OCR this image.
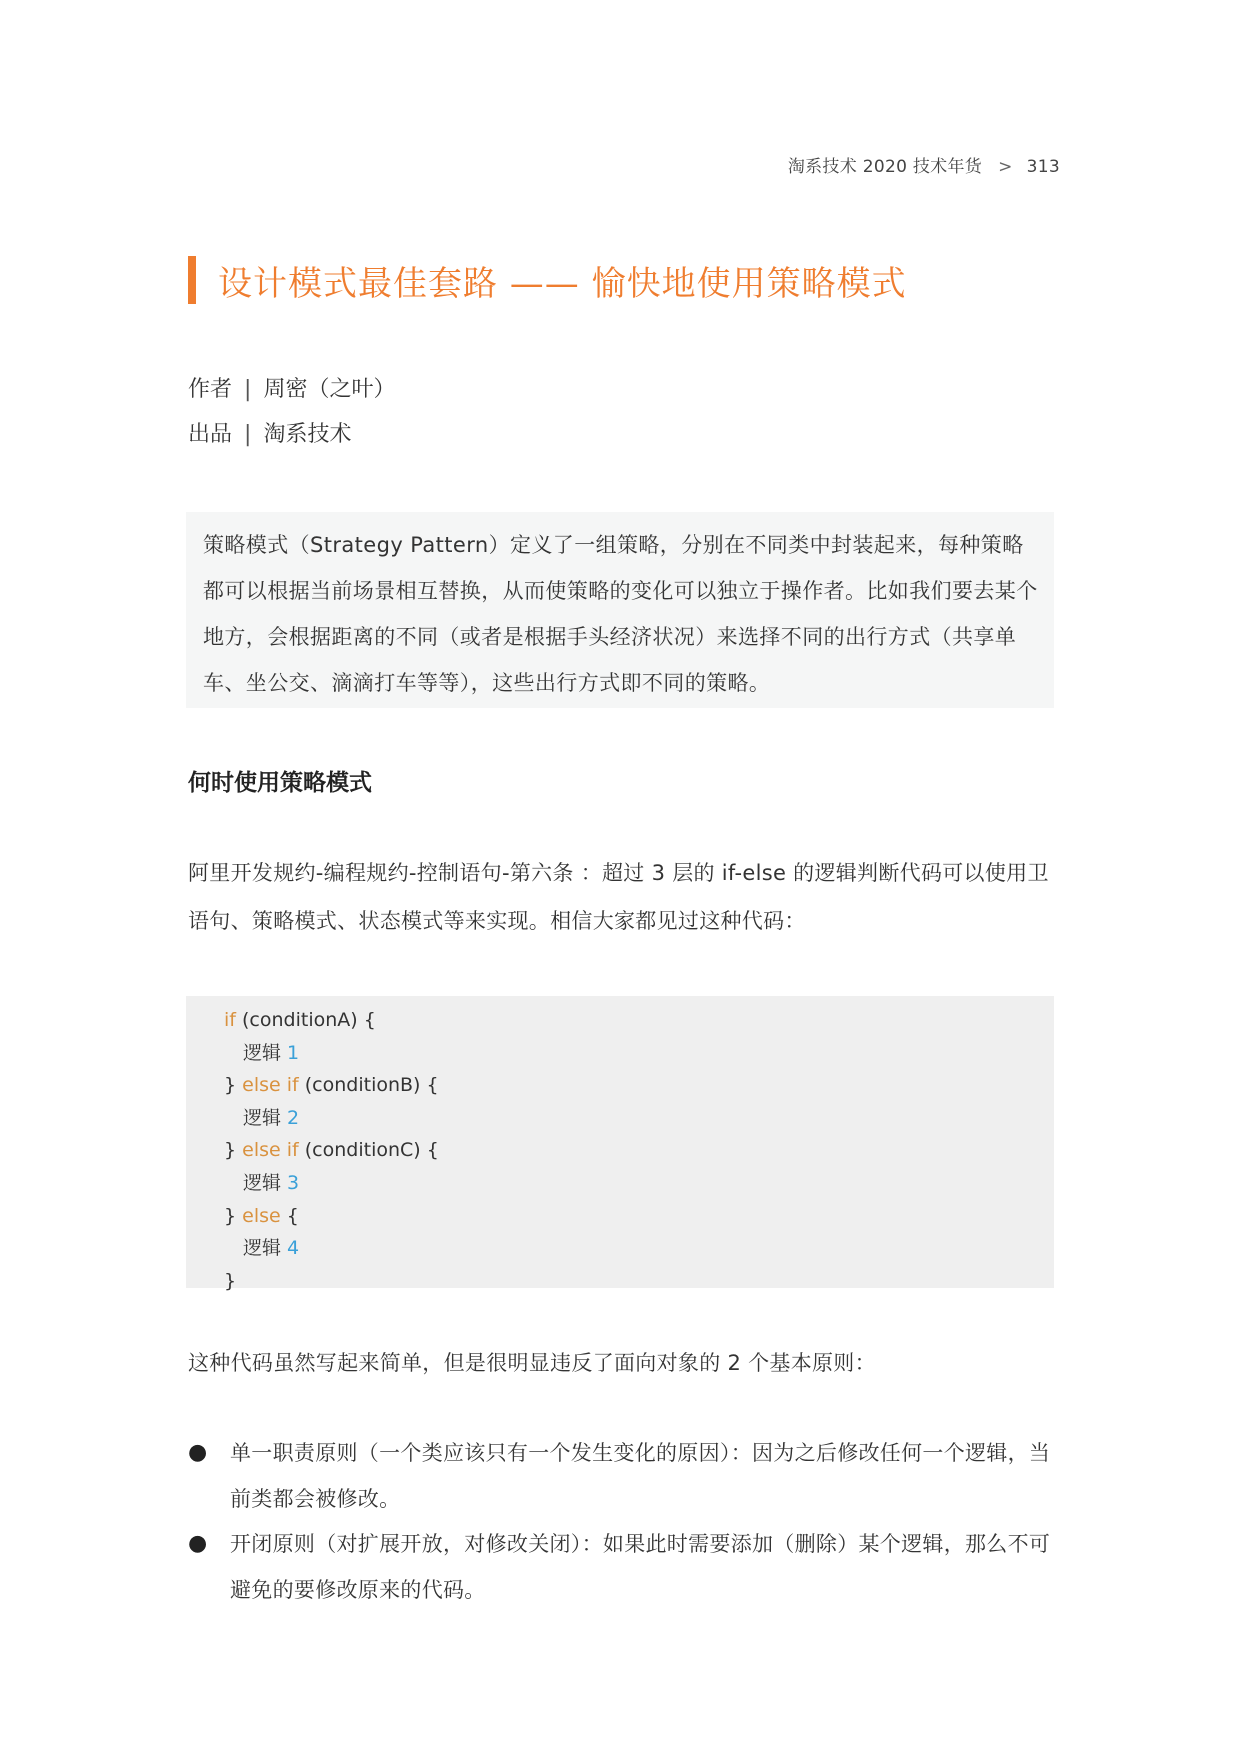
淘系技术 2020 技术年货 > 313
设计模式最佳套路 —— 愉快地使用策略模式
作者 | 周密（之叶）
出品 | 淘系技术
策略模式（Strategy Pattern）定义了一组策略，分别在不同类中封装起来，每种策略都可以根据当前场景相互替换，从而使策略的变化可以独立于操作者。比如我们要去某个地方，会根据距离的不同（或者是根据手头经济状况）来选择不同的出行方式（共享单车、坐公交、滴滴打车等等），这些出行方式即不同的策略。
何时使用策略模式
阿里开发规约-编程规约-控制语句-第六条 ：超过 3 层的 if-else 的逻辑判断代码可以使用卫语句、策略模式、状态模式等来实现。相信大家都见过这种代码：
if (conditionA) {
逻辑 1
} else if (conditionB) {
逻辑 2
} else if (conditionC) {
逻辑 3
} else {
逻辑 4
}
这种代码虽然写起来简单，但是很明显违反了面向对象的 2 个基本原则：
● 单一职责原则（一个类应该只有一个发生变化的原因）：因为之后修改任何一个逻辑，当前类都会被修改。
● 开闭原则（对扩展开放，对修改关闭）：如果此时需要添加（删除）某个逻辑，那么不可避免的要修改原来的代码。
